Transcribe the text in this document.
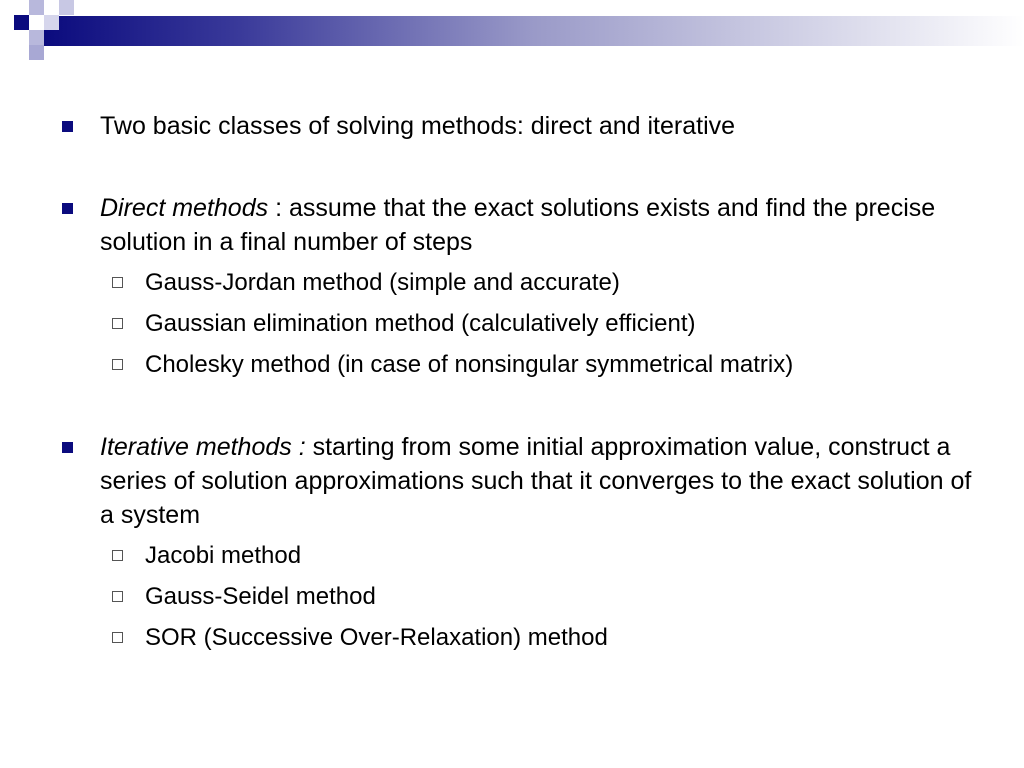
Two basic classes of solving methods: direct and iterative
Direct methods : assume that the exact solutions exists and find the precise solution in a final number of steps
Gauss-Jordan method (simple and accurate)
Gaussian elimination method (calculatively efficient)
Cholesky method (in case of nonsingular symmetrical matrix)
Iterative methods : starting from some initial approximation value, construct a series of solution approximations such that it converges to the exact solution of a system
Jacobi method
Gauss-Seidel method
SOR (Successive Over-Relaxation) method
